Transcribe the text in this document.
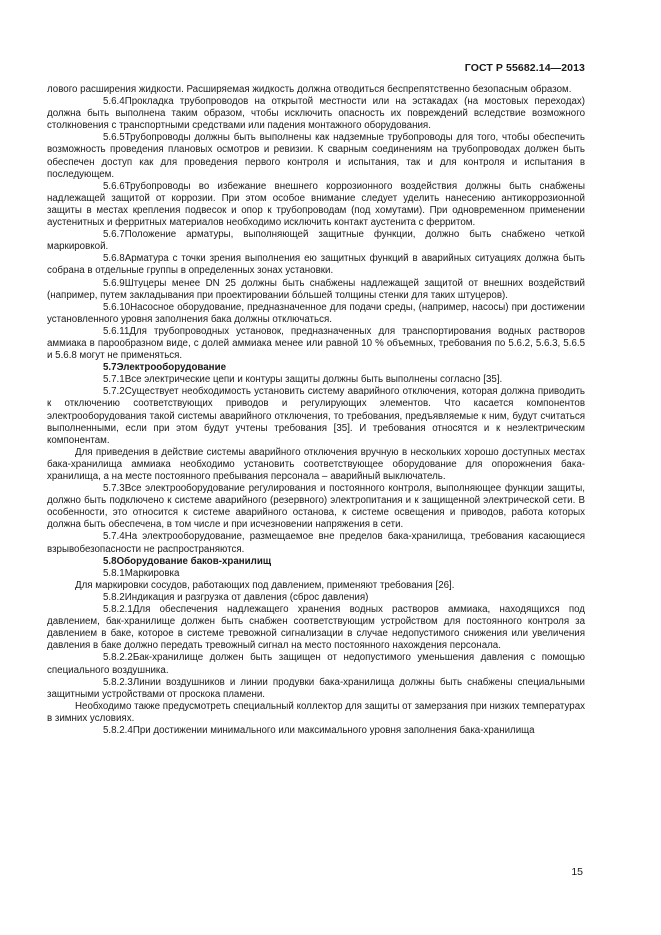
ГОСТ Р 55682.14—2013

лового расширения жидкости. Расширяемая жидкость должна отводиться беспрепятственно безопасным образом.

5.6.4Прокладка трубопроводов на открытой местности или на эстакадах (на мостовых переходах) должна быть выполнена таким образом, чтобы исключить опасность их повреждений вследствие возможного столкновения с транспортными средствами или падения монтажного оборудования.

5.6.5Трубопроводы должны быть выполнены как надземные трубопроводы для того, чтобы обеспечить возможность проведения плановых осмотров и ревизии. К сварным соединениям на трубопроводах должен быть обеспечен доступ как для проведения первого контроля и испытания, так и для контроля и испытания в последующем.

5.6.6Трубопроводы во избежание внешнего коррозионного воздействия должны быть снабжены надлежащей защитой от коррозии. При этом особое внимание следует уделить нанесению антикоррозионной защиты в местах крепления подвесок и опор к трубопроводам (под хомутами). При одновременном применении аустенитных и ферритных материалов необходимо исключить контакт аустенита с ферритом.

5.6.7Положение арматуры, выполняющей защитные функции, должно быть снабжено четкой маркировкой.

5.6.8Арматура с точки зрения выполнения ею защитных функций в аварийных ситуациях должна быть собрана в отдельные группы в определенных зонах установки.

5.6.9Штуцеры менее DN 25 должны быть снабжены надлежащей защитой от внешних воздействий (например, путем закладывания при проектировании бо́льшей толщины стенки для таких штуцеров).

5.6.10Насосное оборудование, предназначенное для подачи среды, (например, насосы) при достижении установленного уровня заполнения бака должны отключаться.

5.6.11Для трубопроводных установок, предназначенных для транспортирования водных растворов аммиака в парообразном виде, с долей аммиака менее или равной 10 % объемных, требования по 5.6.2, 5.6.3, 5.6.5 и 5.6.8 могут не применяться.

5.7Электрооборудование

5.7.1Все электрические цепи и контуры защиты должны быть выполнены согласно [35].

5.7.2Существует необходимость установить систему аварийного отключения, которая должна приводить к отключению соответствующих приводов и регулирующих элементов. Что касается компонентов электрооборудования такой системы аварийного отключения, то требования, предъявляемые к ним, будут считаться выполненными, если при этом будут учтены требования [35]. И требования относятся и к неэлектрическим компонентам.

Для приведения в действие системы аварийного отключения вручную в нескольких хорошо доступных местах бака-хранилища аммиака необходимо установить соответствующее оборудование для опорожнения бака-хранилища, а на месте постоянного пребывания персонала – аварийный выключатель.

5.7.3Все электрооборудование регулирования и постоянного контроля, выполняющее функции защиты, должно быть подключено к системе аварийного (резервного) электропитания и к защищенной электрической сети. В особенности, это относится к системе аварийного останова, к системе освещения и приводов, работа которых должна быть обеспечена, в том числе и при исчезновении напряжения в сети.

5.7.4На электрооборудование, размещаемое вне пределов бака-хранилища, требования касающиеся взрывобезопасности не распространяются.

5.8Оборудование баков-хранилищ

5.8.1Маркировка

Для маркировки сосудов, работающих под давлением, применяют требования [26].

5.8.2Индикация и разгрузка от давления (сброс давления)

5.8.2.1Для обеспечения надлежащего хранения водных растворов аммиака, находящихся под давлением, бак-хранилище должен быть снабжен соответствующим устройством для постоянного контроля за давлением в баке, которое в системе тревожной сигнализации в случае недопустимого снижения или увеличения давления в баке должно передать тревожный сигнал на место постоянного нахождения персонала.

5.8.2.2Бак-хранилище должен быть защищен от недопустимого уменьшения давления с помощью специального воздушника.

5.8.2.3Линии воздушников и линии продувки бака-хранилища должны быть снабжены специальными защитными устройствами от проскока пламени.

Необходимо также предусмотреть специальный коллектор для защиты от замерзания при низких температурах в зимних условиях.

5.8.2.4При достижении минимального или максимального уровня заполнения бака-хранилища

15
